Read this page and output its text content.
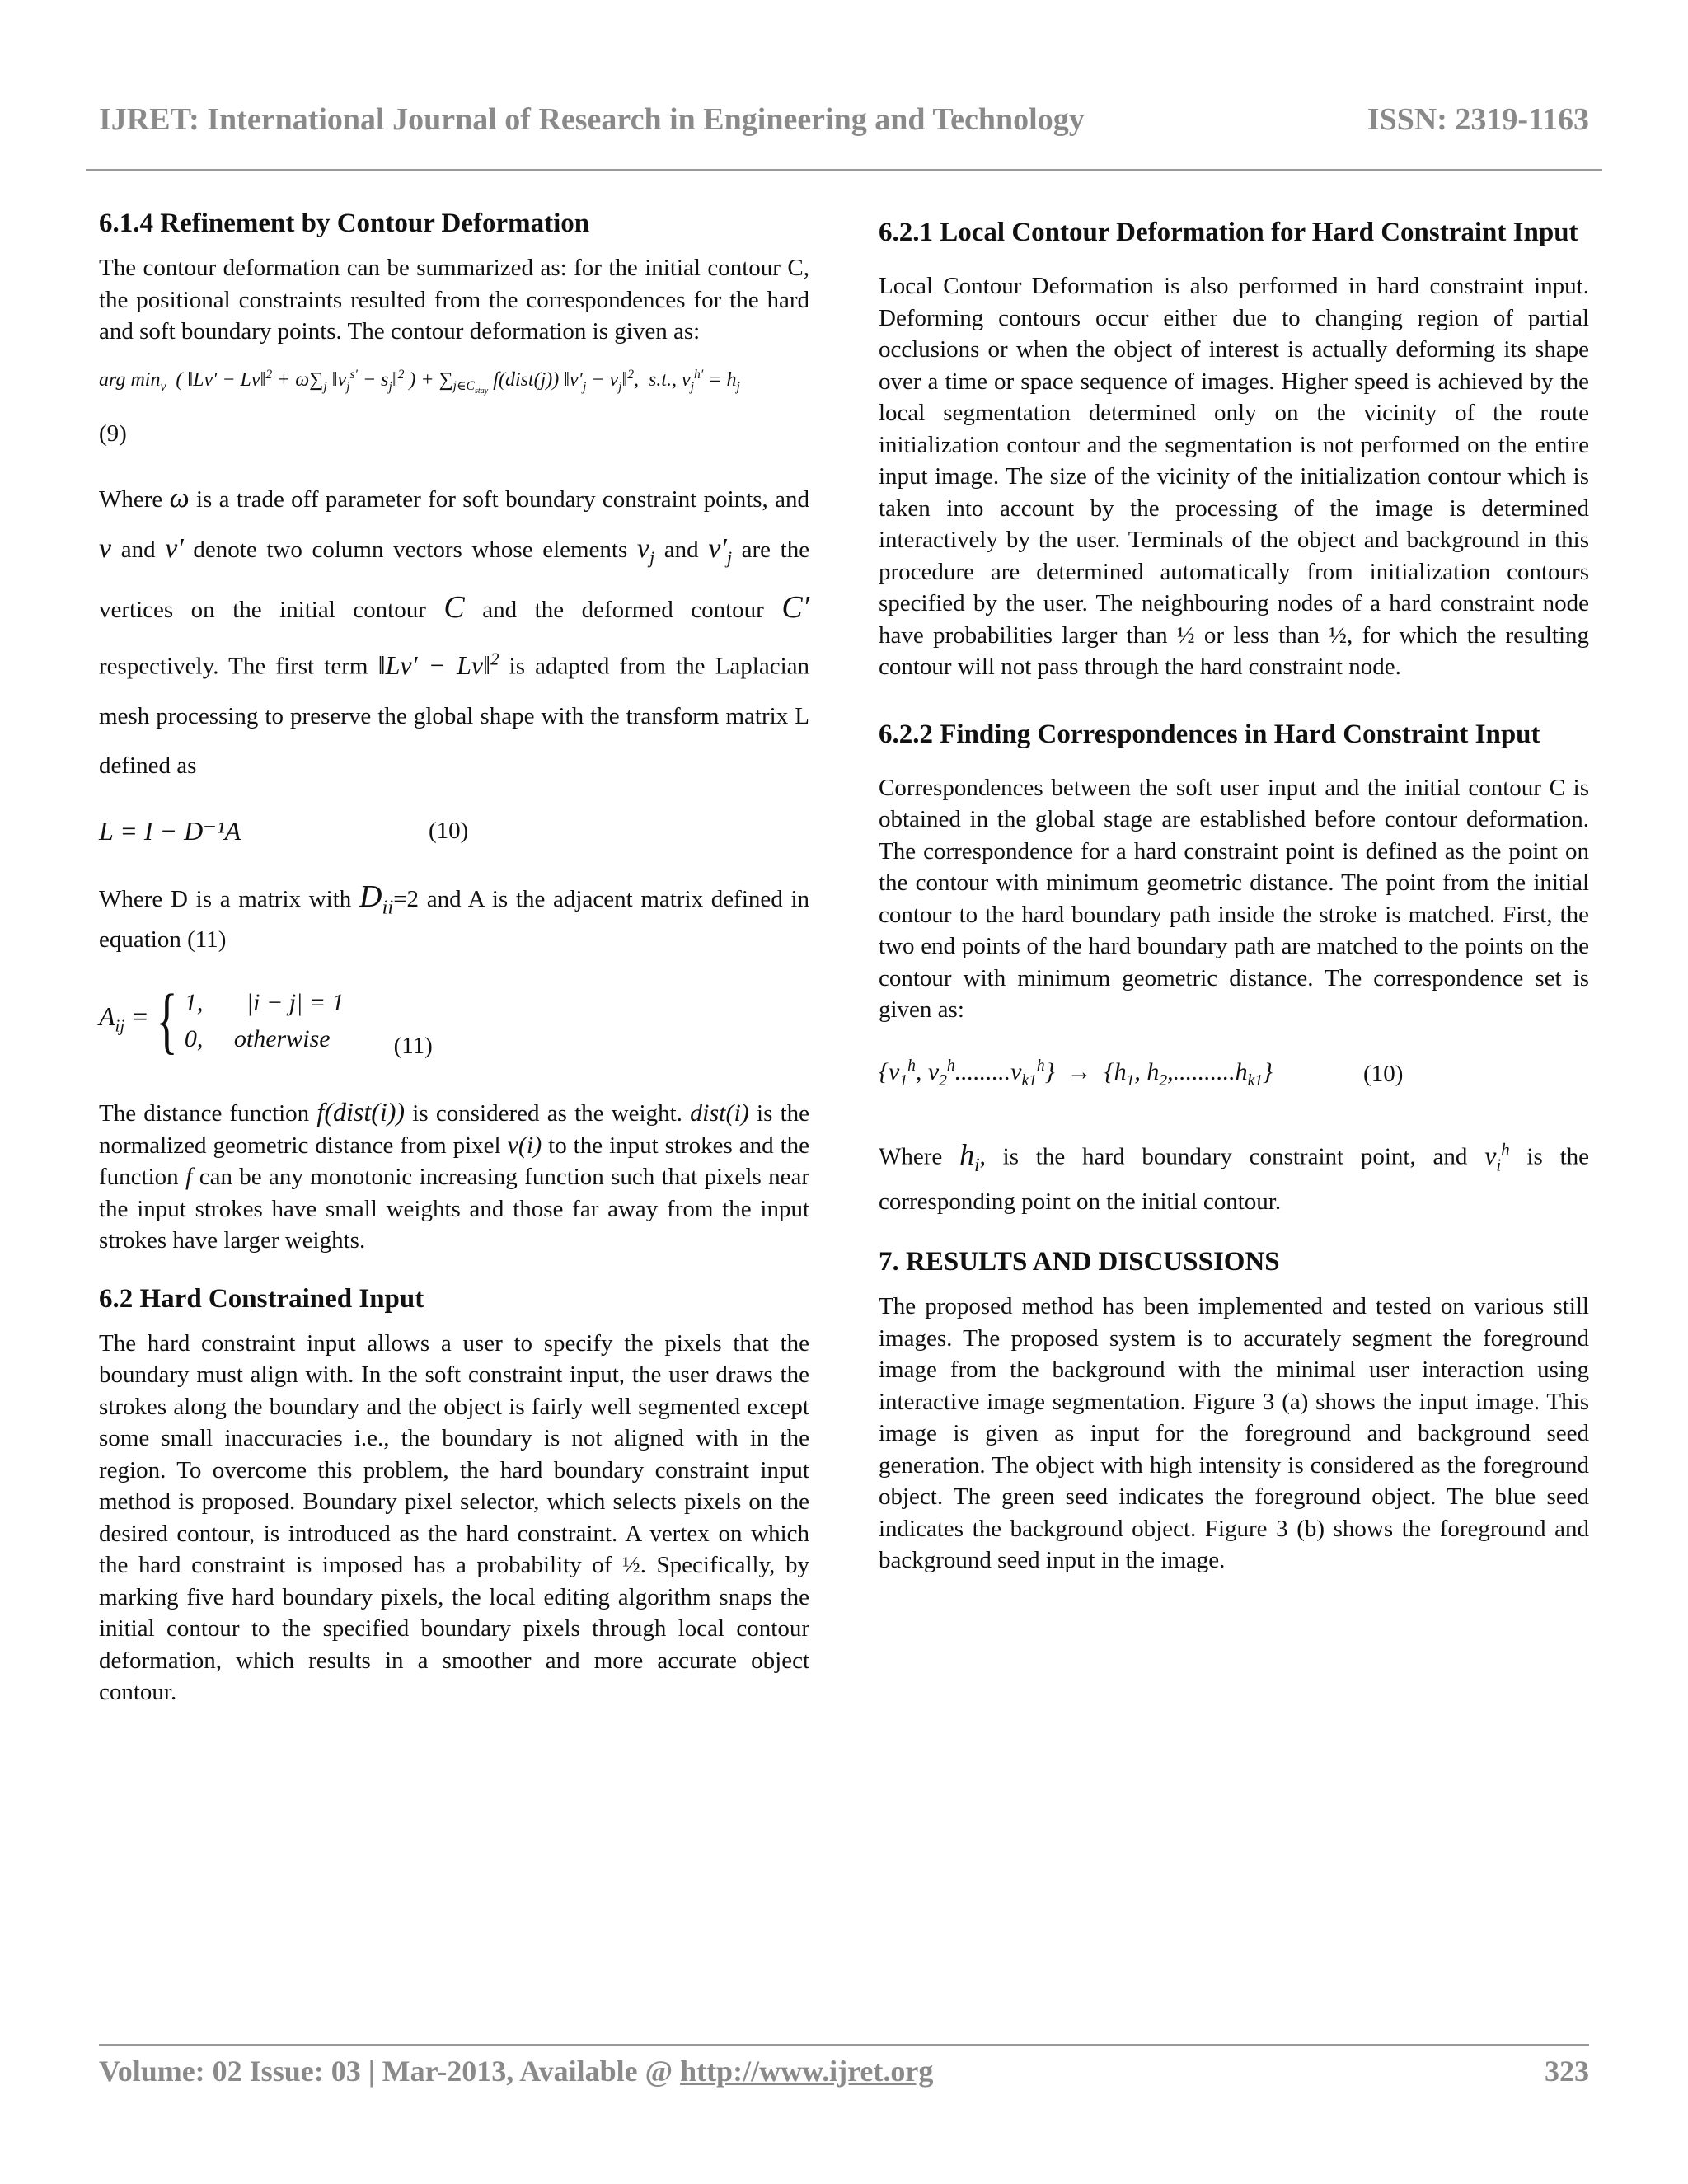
IJRET: International Journal of Research in Engineering and Technology	ISSN: 2319-1163
6.1.4 Refinement by Contour Deformation

The contour deformation can be summarized as: for the initial contour C, the positional constraints resulted from the correspondences for the hard and soft boundary points. The contour deformation is given as:

arg $\min_v$  ( ‖Lv′ − Lv‖$^2$ + $\omega\sum_j$ $‖v_j^{s'}$ − $s_j‖^2$ ) + $\sum_{j\in C_{stay}}$ f(dist(j)) $‖v'_j$ − $v_j‖^2$,  s.t., $v_j^{h'} = h_j$

(9)

Where ω is a trade off parameter for soft boundary constraint points, and v and v′ denote two column vectors whose elements $v_j$ and $v'_j$ are the vertices on the initial contour C and the deformed contour C′ respectively. The first term ‖Lv′ − Lv‖$^2$ is adapted from the Laplacian mesh processing to preserve the global shape with the transform matrix L defined as

L = I − D⁻¹A	(10)

Where D is a matrix with $D_{ii}=2$ and A is the adjacent matrix defined in equation (11)

$A_{ij}$ = { 1,       |i − j| = 1
0,     otherwise	(11)

The distance function f(dist(i)) is considered as the weight. dist(i) is the normalized geometric distance from pixel v(i) to the input strokes and the function f can be any monotonic increasing function such that pixels near the input strokes have small weights and those far away from the input strokes have larger weights.

6.2 Hard Constrained Input

The hard constraint input allows a user to specify the pixels that the boundary must align with. In the soft constraint input, the user draws the strokes along the boundary and the object is fairly well segmented except some small inaccuracies i.e., the boundary is not aligned with in the region. To overcome this problem, the hard boundary constraint input method is proposed. Boundary pixel selector, which selects pixels on the desired contour, is introduced as the hard constraint. A vertex on which the hard constraint is imposed has a probability of ½. Specifically, by marking five hard boundary pixels, the local editing algorithm snaps the initial contour to the specified boundary pixels through local contour deformation, which results in a smoother and more accurate object contour.

6.2.1 Local Contour Deformation for Hard Constraint Input

Local Contour Deformation is also performed in hard constraint input. Deforming contours occur either due to changing region of partial occlusions or when the object of interest is actually deforming its shape over a time or space sequence of images. Higher speed is achieved by the local segmentation determined only on the vicinity of the route initialization contour and the segmentation is not performed on the entire input image. The size of the vicinity of the initialization contour which is taken into account by the processing of the image is determined interactively by the user. Terminals of the object and background in this procedure are determined automatically from initialization contours specified by the user. The neighbouring nodes of a hard constraint node have probabilities larger than ½ or less than ½, for which the resulting contour will not pass through the hard constraint node.

6.2.2 Finding Correspondences in Hard Constraint Input

Correspondences between the soft user input and the initial contour C is obtained in the global stage are established before contour deformation. The correspondence for a hard constraint point is defined as the point on the contour with minimum geometric distance. The point from the initial contour to the hard boundary path inside the stroke is matched. First, the two end points of the hard boundary path are matched to the points on the contour with minimum geometric distance. The correspondence set is given as:

{$v_1^h$, $v_2^h.........v_{k1}^h\} \to \{h_1$, $h_2,..........h_{k1}$}	(10)

Where $h_i$, is the hard boundary constraint point, and $v_i^h$ is the corresponding point on the initial contour.

7. RESULTS AND DISCUSSIONS

The proposed method has been implemented and tested on various still images. The proposed system is to accurately segment the foreground image from the background with the minimal user interaction using interactive image segmentation. Figure 3 (a) shows the input image. This image is given as input for the foreground and background seed generation. The object with high intensity is considered as the foreground object. The green seed indicates the foreground object. The blue seed indicates the background object. Figure 3 (b) shows the foreground and background seed input in the image.

Volume: 02 Issue: 03 | Mar-2013, Available @ http://www.ijret.org	323
